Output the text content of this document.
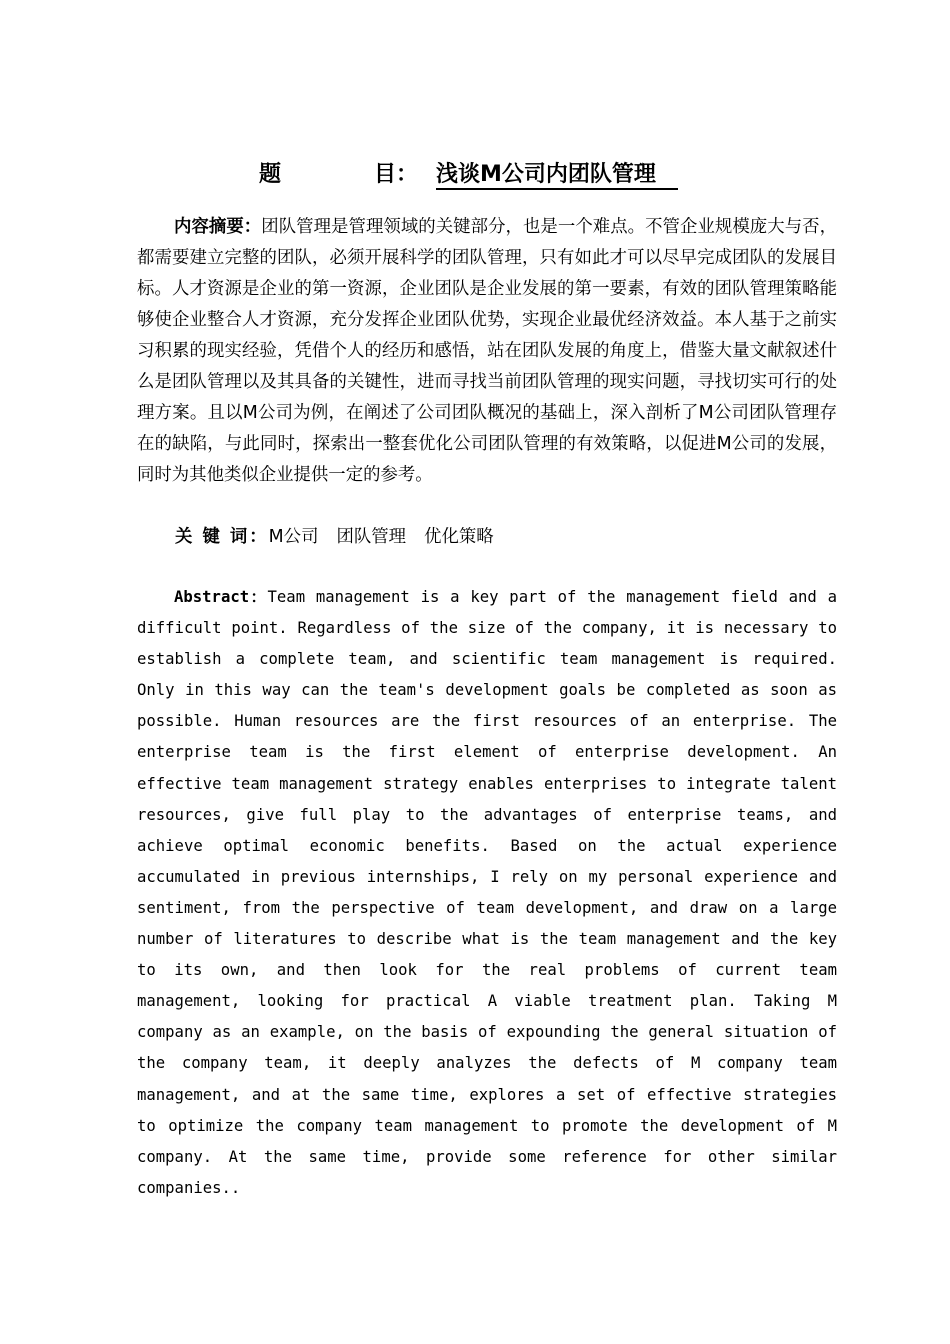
题	目： 浅谈M公司内团队管理

内容摘要：团队管理是管理领域的关键部分，也是一个难点。不管企业规模庞大与否，都需要建立完整的团队，必须开展科学的团队管理，只有如此才可以尽早完成团队的发展目标。人才资源是企业的第一资源，企业团队是企业发展的第一要素，有效的团队管理策略能够使企业整合人才资源，充分发挥企业团队优势，实现企业最优经济效益。本人基于之前实习积累的现实经验，凭借个人的经历和感悟，站在团队发展的角度上，借鉴大量文献叙述什么是团队管理以及其具备的关键性，进而寻找当前团队管理的现实问题，寻找切实可行的处理方案。且以M公司为例，在阐述了公司团队概况的基础上，深入剖析了M公司团队管理存在的缺陷，与此同时，探索出一整套优化公司团队管理的有效策略，以促进M公司的发展，同时为其他类似企业提供一定的参考。

关 键 词：M公司 团队管理 优化策略

Abstract：Team management is a key part of the management field and a difficult point. Regardless of the size of the company, it is necessary to establish a complete team, and scientific team management is required. Only in this way can the team's development goals be completed as soon as possible. Human resources are the first resources of an enterprise. The enterprise team is the first element of enterprise development. An effective team management strategy enables enterprises to integrate talent resources, give full play to the advantages of enterprise teams, and achieve optimal economic benefits. Based on the actual experience accumulated in previous internships, I rely on my personal experience and sentiment, from the perspective of team development, and draw on a large number of literatures to describe what is the team management and the key to its own, and then look for the real problems of current team management, looking for practical A viable treatment plan. Taking M company as an example, on the basis of expounding the general situation of the company team, it deeply analyzes the defects of M company team management, and at the same time, explores a set of effective strategies to optimize the company team management to promote the development of M company. At the same time, provide some reference for other similar companies..
